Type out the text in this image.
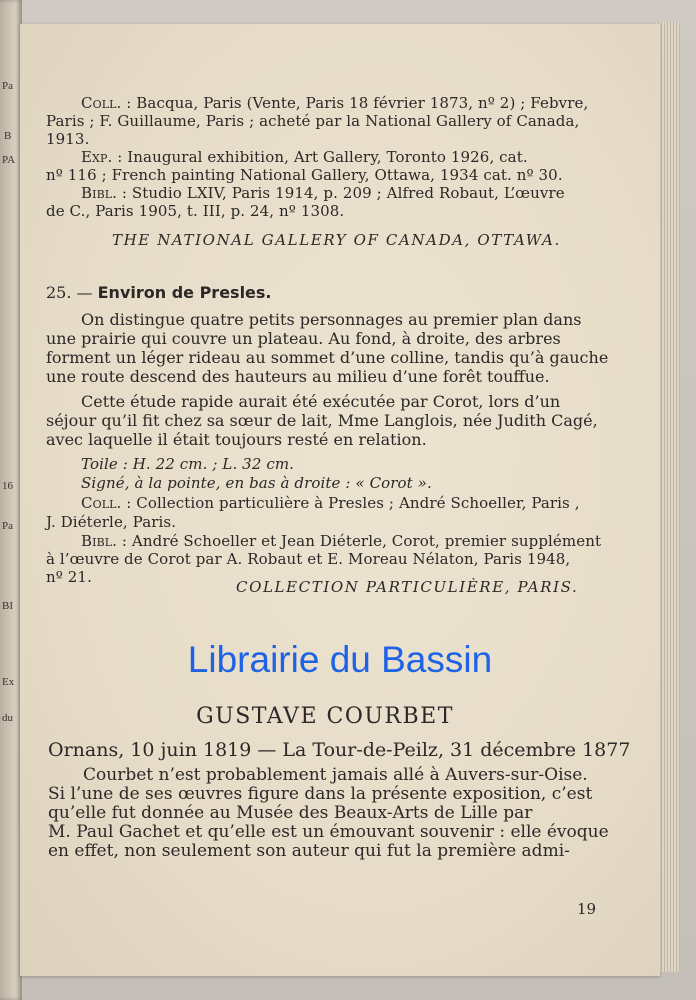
Pa
B
PA
16
Pa
BI
Ex
du

Coll. : Bacqua, Paris (Vente, Paris 18 février 1873, nº 2) ; Febvre,

Paris ; F. Guillaume, Paris ; acheté par la National Gallery of Canada,

1913.

Exp. : Inaugural exhibition, Art Gallery, Toronto 1926, cat.

nº 116 ; French painting National Gallery, Ottawa, 1934 cat. nº 30.

Bibl. : Studio LXIV, Paris 1914, p. 209 ; Alfred Robaut, L’œuvre

de C., Paris 1905, t. III, p. 24, nº 1308.

THE NATIONAL GALLERY OF CANADA, OTTAWA.

25. — Environ de Presles.

On distingue quatre petits personnages au premier plan dans

une prairie qui couvre un plateau. Au fond, à droite, des arbres

forment un léger rideau au sommet d’une colline, tandis qu’à gauche

une route descend des hauteurs au milieu d’une forêt touffue.

Cette étude rapide aurait été exécutée par Corot, lors d’un

séjour qu’il fit chez sa sœur de lait, Mme Langlois, née Judith Cagé,

avec laquelle il était toujours resté en relation.

Toile : H. 22 cm. ; L. 32 cm.

Signé, à la pointe, en bas à droite : « Corot ».

Coll. : Collection particulière à Presles ; André Schoeller, Paris ,

J. Diéterle, Paris.

Bibl. : André Schoeller et Jean Diéterle, Corot, premier supplément

à l’œuvre de Corot par A. Robaut et E. Moreau Nélaton, Paris 1948,

nº 21.

COLLECTION PARTICULIÈRE, PARIS.

Librairie du Bassin
GUSTAVE COURBET
Ornans, 10 juin 1819 — La Tour-de-Peilz, 31 décembre 1877

Courbet n’est probablement jamais allé à Auvers-sur-Oise.

Si l’une de ses œuvres figure dans la présente exposition, c’est

qu’elle fut donnée au Musée des Beaux-Arts de Lille par

M. Paul Gachet et qu’elle est un émouvant souvenir : elle évoque

en effet, non seulement son auteur qui fut la première admi-

19
